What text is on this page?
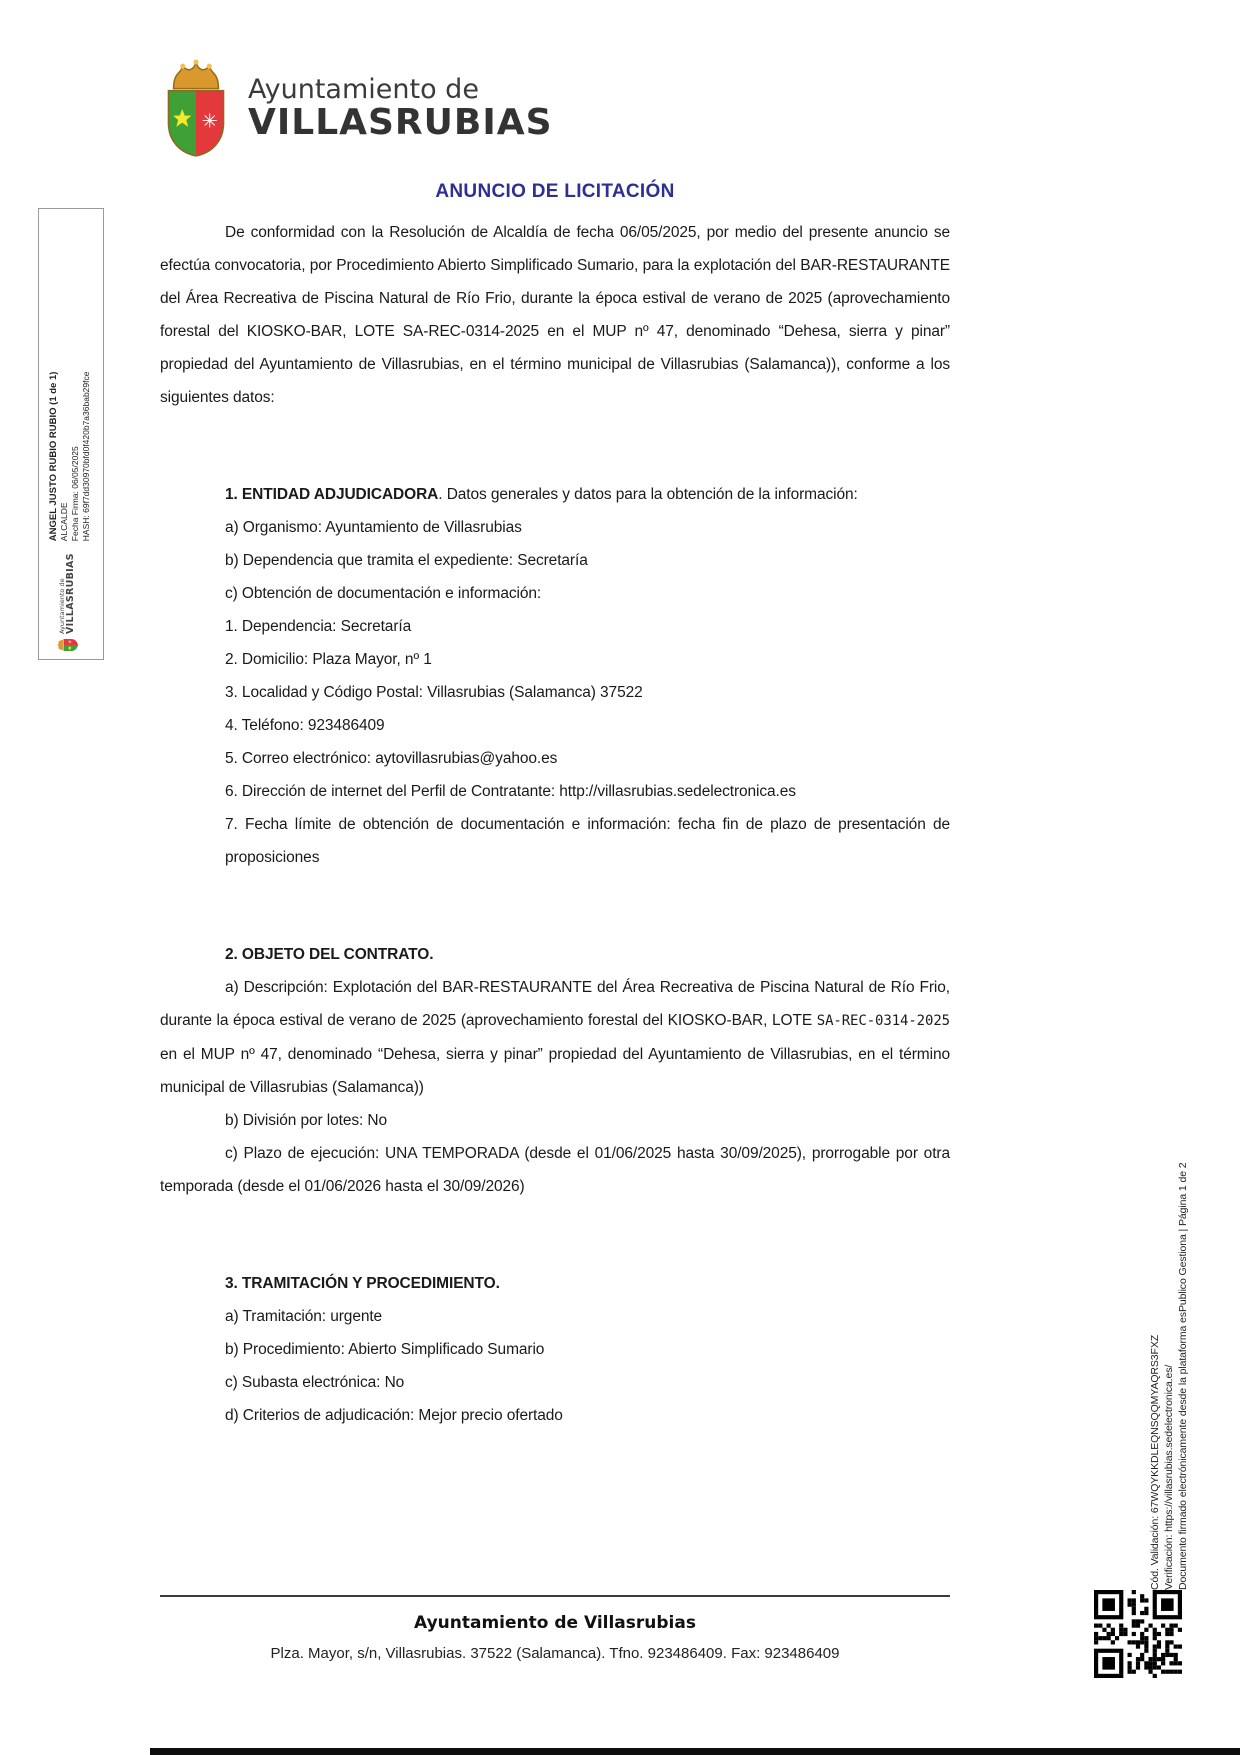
✳
Ayuntamiento de
VILLASRUBIAS
ANUNCIO DE LICITACIÓN

De conformidad con la Resolución de Alcaldía de fecha 06/05/2025, por medio del presente anuncio se efectúa convocatoria, por Procedimiento Abierto Simplificado Sumario, para la explotación del BAR-RESTAURANTE del Área Recreativa de Piscina Natural de Río Frio, durante la época estival de verano de 2025 (aprovechamiento forestal del KIOSKO-BAR, LOTE SA-REC-0314-2025 en el MUP nº 47, denominado “Dehesa, sierra y pinar” propiedad del Ayuntamiento de Villasrubias, en el término municipal de Villasrubias (Salamanca)), conforme a los siguientes datos:

1. ENTIDAD ADJUDICADORA. Datos generales y datos para la obtención de la información:

a) Organismo: Ayuntamiento de Villasrubias

b) Dependencia que tramita el expediente: Secretaría

c) Obtención de documentación e información:

1. Dependencia: Secretaría

2. Domicilio: Plaza Mayor, nº 1

3. Localidad y Código Postal: Villasrubias (Salamanca) 37522

4. Teléfono: 923486409

5. Correo electrónico: aytovillasrubias@yahoo.es

6. Dirección de internet del Perfil de Contratante: http://villasrubias.sedelectronica.es

7. Fecha límite de obtención de documentación e información: fecha fin de plazo de presentación de proposiciones

2. OBJETO DEL CONTRATO.

a) Descripción: Explotación del BAR-RESTAURANTE del Área Recreativa de Piscina Natural de Río Frio, durante la época estival de verano de 2025 (aprovechamiento forestal del KIOSKO-BAR, LOTE SA-REC-0314-2025 en el MUP nº 47, denominado “Dehesa, sierra y pinar” propiedad del Ayuntamiento de Villasrubias, en el término municipal de Villasrubias (Salamanca))

b) División por lotes: No

c) Plazo de ejecución: UNA TEMPORADA (desde el 01/06/2025 hasta 30/09/2025), prorrogable por otra temporada (desde el 01/06/2026 hasta el 30/09/2026)

3. TRAMITACIÓN Y PROCEDIMIENTO.

a) Tramitación: urgente

b) Procedimiento: Abierto Simplificado Sumario

c) Subasta electrónica: No

d) Criterios de adjudicación: Mejor precio ofertado

Ayuntamiento de Villasrubias
Plza. Mayor, s/n, Villasrubias. 37522 (Salamanca). Tfno. 923486409. Fax: 923486409
✳
Ayuntamiento de
VILLASRUBIAS
ANGEL JUSTO RUBIO RUBIO (1 de 1) ALCALDE Fecha Firma: 06/05/2025 HASH: 69f7dd30970bfd0f420b7a36bab29fce
Cód. Validación: 67WQYKKDLEQNSQQMYAQRS3FXZ Verificación: https://villasrubias.sedelectronica.es/ Documento firmado electrónicamente desde la plataforma esPublico Gestiona | Página 1 de 2
